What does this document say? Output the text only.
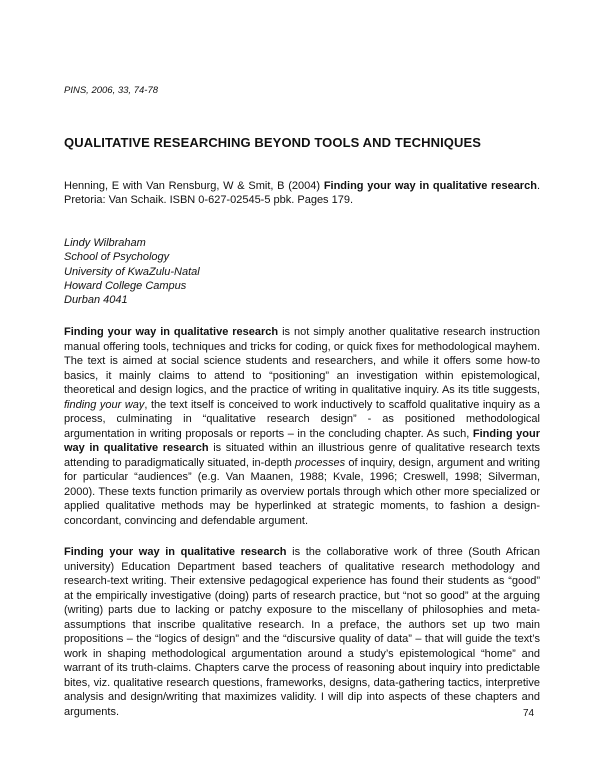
PINS, 2006, 33, 74-78
QUALITATIVE RESEARCHING BEYOND TOOLS AND TECHNIQUES
Henning, E with Van Rensburg, W & Smit, B (2004) Finding your way in qualitative research. Pretoria: Van Schaik. ISBN 0-627-02545-5 pbk. Pages 179.
Lindy Wilbraham
School of Psychology
University of KwaZulu-Natal
Howard College Campus
Durban 4041

Finding your way in qualitative research is not simply another qualitative research instruction manual offering tools, techniques and tricks for coding, or quick fixes for methodological mayhem. The text is aimed at social science students and researchers, and while it offers some how-to basics, it mainly claims to attend to “positioning” an investigation within epistemological, theoretical and design logics, and the practice of writing in qualitative inquiry. As its title suggests, finding your way, the text itself is conceived to work inductively to scaffold qualitative inquiry as a process, culminating in “qualitative research design” - as positioned methodological argumentation in writing proposals or reports – in the concluding chapter. As such, Finding your way in qualitative research is situated within an illustrious genre of qualitative research texts attending to paradigmatically situated, in-depth processes of inquiry, design, argument and writing for particular “audiences” (e.g. Van Maanen, 1988; Kvale, 1996; Creswell, 1998; Silverman, 2000). These texts function primarily as overview portals through which other more specialized or applied qualitative methods may be hyperlinked at strategic moments, to fashion a design-concordant, convincing and defendable argument.

Finding your way in qualitative research is the collaborative work of three (South African university) Education Department based teachers of qualitative research methodology and research-text writing. Their extensive pedagogical experience has found their students as “good” at the empirically investigative (doing) parts of research practice, but “not so good” at the arguing (writing) parts due to lacking or patchy exposure to the miscellany of philosophies and meta-assumptions that inscribe qualitative research. In a preface, the authors set up two main propositions – the “logics of design” and the “discursive quality of data” – that will guide the text’s work in shaping methodological argumentation around a study’s epistemological “home” and warrant of its truth-claims. Chapters carve the process of reasoning about inquiry into predictable bites, viz. qualitative research questions, frameworks, designs, data-gathering tactics, interpretive analysis and design/writing that maximizes validity. I will dip into aspects of these chapters and arguments.	74
